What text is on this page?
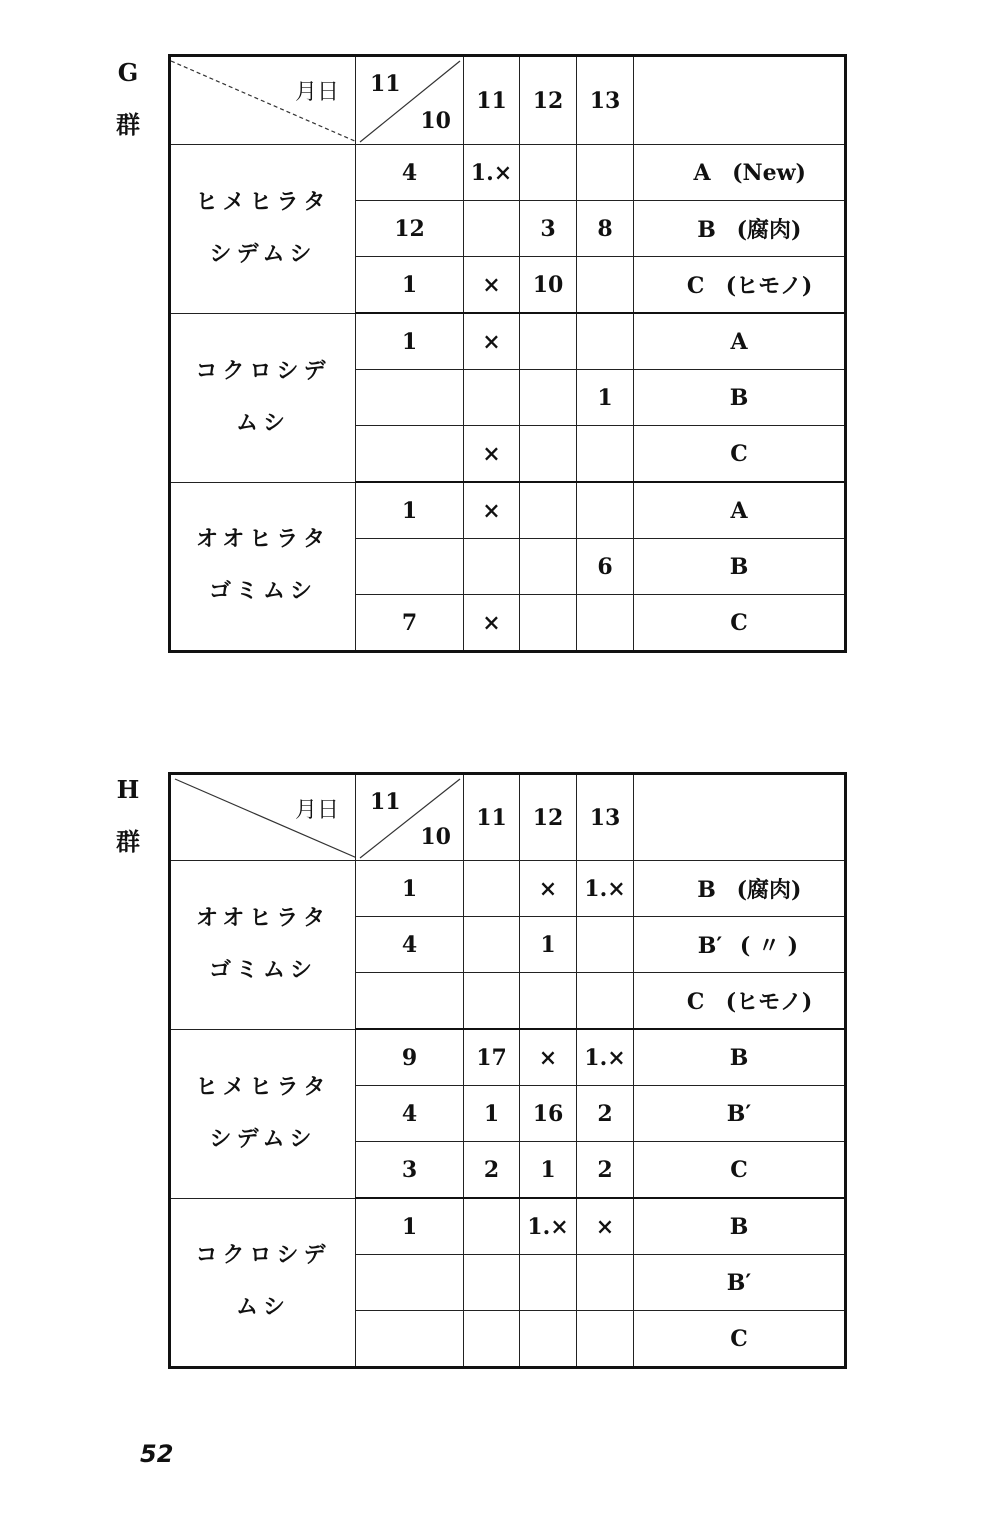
G
群
月日	11
10	11	12	13	

ヒメヒラタ
シデムシ	4	1.×			A (New)
	12		3	8	B (腐肉)
	1	×	10		C (ヒモノ)

コクロシデ
ムシ	1	×			A
				1	B
		×			C

オオヒラタ
ゴミムシ	1	×			A
				6	B
	7	×			C
H
群
月日	11
10	11	12	13	

オオヒラタ
ゴミムシ	1		×	1.×	B (腐肉)
	4		1		B′ ( 〃 )
					C (ヒモノ)

ヒメヒラタ
シデムシ	9	17	×	1.×	B
	4	1	16	2	B′
	3	2	1	2	C

コクロシデ
ムシ	1		1.×	×	B
					B′
					C
52
